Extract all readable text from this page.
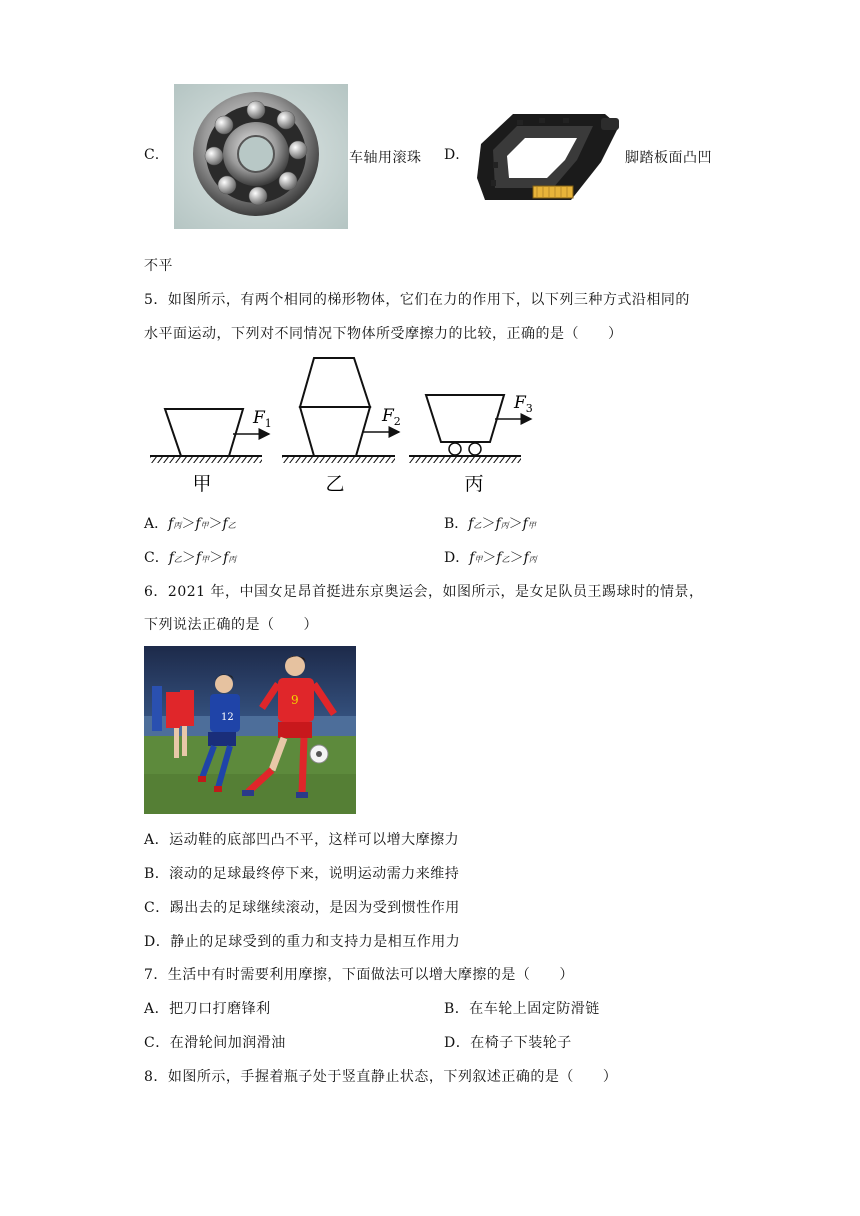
C.	车轴用滚珠 D.	脚踏板面凸凹
不平
5．如图所示，有两个相同的梯形物体，它们在力的作用下，以下列三种方式沿相同的
水平面运动，下列对不同情况下物体所受摩擦力的比较，正确的是（　　）
$F_1$
甲
$F_2$
乙
$F_3$
丙
A．f丙＞f甲＞f乙	B．f乙＞f丙＞f甲
C．f乙＞f甲＞f丙	D．f甲＞f乙＞f丙
6．2021 年，中国女足昂首挺进东京奥运会，如图所示，是女足队员王踢球时的情景，
下列说法正确的是（　　）
12
9
A．运动鞋的底部凹凸不平，这样可以增大摩擦力
B．滚动的足球最终停下来，说明运动需力来维持
C．踢出去的足球继续滚动，是因为受到惯性作用
D．静止的足球受到的重力和支持力是相互作用力
7．生活中有时需要利用摩擦，下面做法可以增大摩擦的是（　　）
A．把刀口打磨锋利	B．在车轮上固定防滑链
C．在滑轮间加润滑油	D．在椅子下装轮子
8．如图所示，手握着瓶子处于竖直静止状态，下列叙述正确的是（　　）
